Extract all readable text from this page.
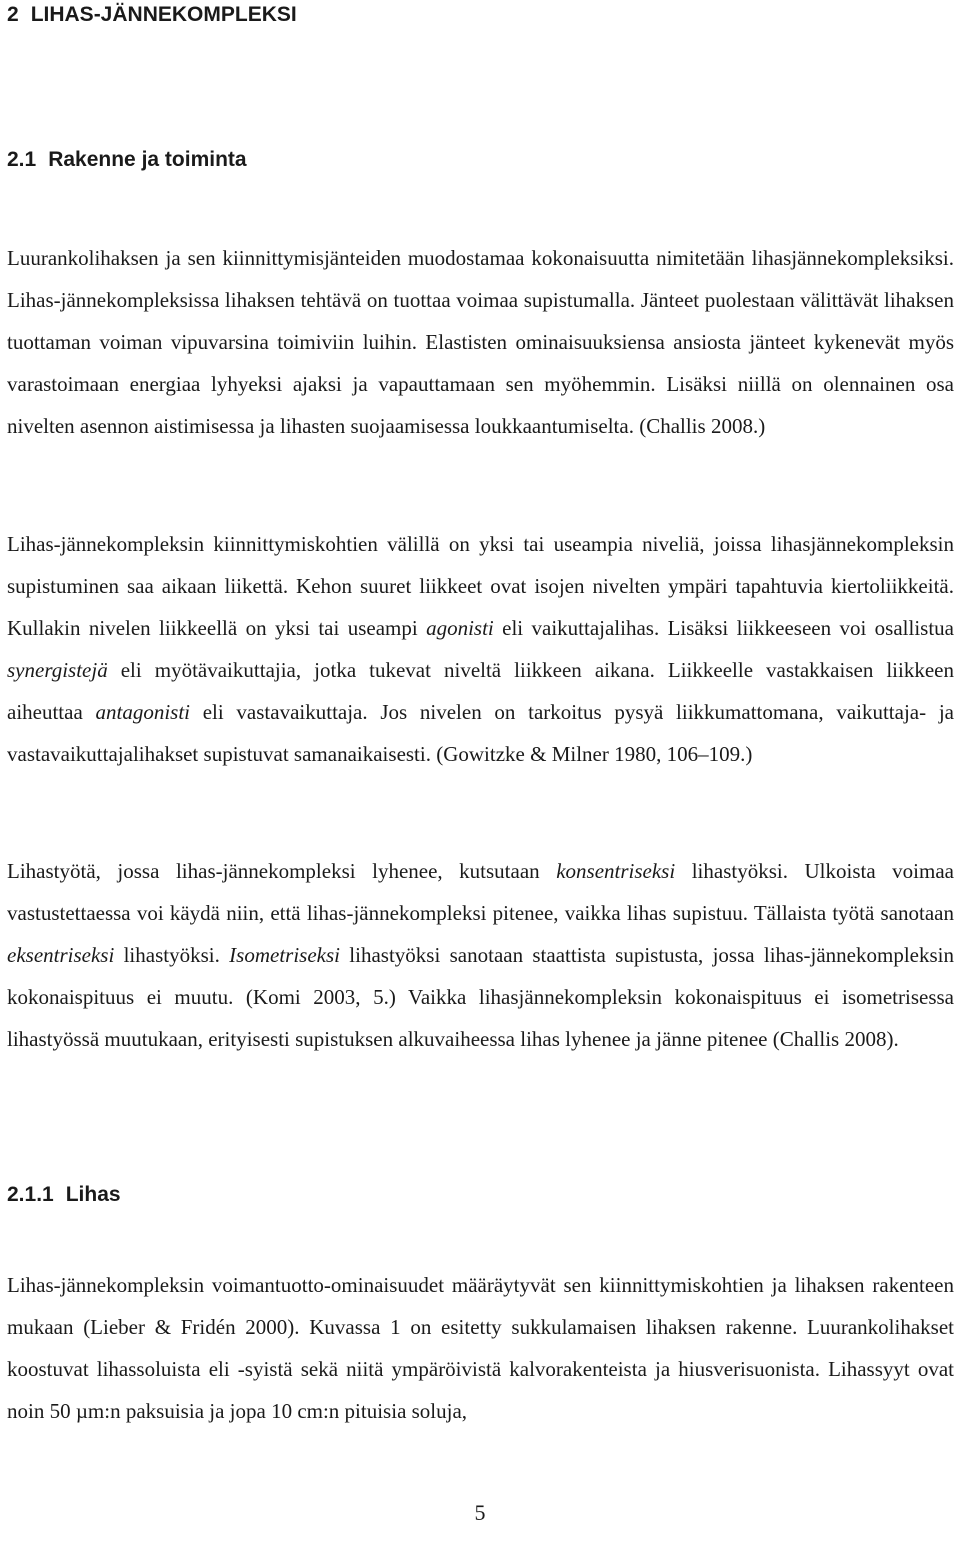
2 LIHAS-JÄNNEKOMPLEKSI
2.1 Rakenne ja toiminta

Luurankolihaksen ja sen kiinnittymisjänteiden muodostamaa kokonaisuutta nimitetään lihasjännekompleksiksi. Lihas-jännekompleksissa lihaksen tehtävä on tuottaa voimaa supistumalla. Jänteet puolestaan välittävät lihaksen tuottaman voiman vipuvarsina toimiviin luihin. Elastisten ominaisuuksiensa ansiosta jänteet kykenevät myös varastoimaan energiaa lyhyeksi ajaksi ja vapauttamaan sen myöhemmin. Lisäksi niillä on olennainen osa nivelten asennon aistimisessa ja lihasten suojaamisessa loukkaantumiselta. (Challis 2008.)

Lihas-jännekompleksin kiinnittymiskohtien välillä on yksi tai useampia niveliä, joissa lihasjännekompleksin supistuminen saa aikaan liikettä. Kehon suuret liikkeet ovat isojen nivelten ympäri tapahtuvia kiertoliikkeitä. Kullakin nivelen liikkeellä on yksi tai useampi agonisti eli vaikuttajalihas. Lisäksi liikkeeseen voi osallistua synergistejä eli myötävaikuttajia, jotka tukevat niveltä liikkeen aikana. Liikkeelle vastakkaisen liikkeen aiheuttaa antagonisti eli vastavaikuttaja. Jos nivelen on tarkoitus pysyä liikkumattomana, vaikuttaja- ja vastavaikuttajalihakset supistuvat samanaikaisesti. (Gowitzke & Milner 1980, 106–109.)

Lihastyötä, jossa lihas-jännekompleksi lyhenee, kutsutaan konsentriseksi lihastyöksi. Ulkoista voimaa vastustettaessa voi käydä niin, että lihas-jännekompleksi pitenee, vaikka lihas supistuu. Tällaista työtä sanotaan eksentriseksi lihastyöksi. Isometriseksi lihastyöksi sanotaan staattista supistusta, jossa lihas-jännekompleksin kokonaispituus ei muutu. (Komi 2003, 5.) Vaikka lihasjännekompleksin kokonaispituus ei isometrisessa lihastyössä muutukaan, erityisesti supistuksen alkuvaiheessa lihas lyhenee ja jänne pitenee (Challis 2008).

2.1.1 Lihas

Lihas-jännekompleksin voimantuotto-ominaisuudet määräytyvät sen kiinnittymiskohtien ja lihaksen rakenteen mukaan (Lieber & Fridén 2000). Kuvassa 1 on esitetty sukkulamaisen lihaksen rakenne. Luurankolihakset koostuvat lihassoluista eli -syistä sekä niitä ympäröivistä kalvorakenteista ja hiusverisuonista. Lihassyyt ovat noin 50 µm:n paksuisia ja jopa 10 cm:n pituisia soluja,

5
